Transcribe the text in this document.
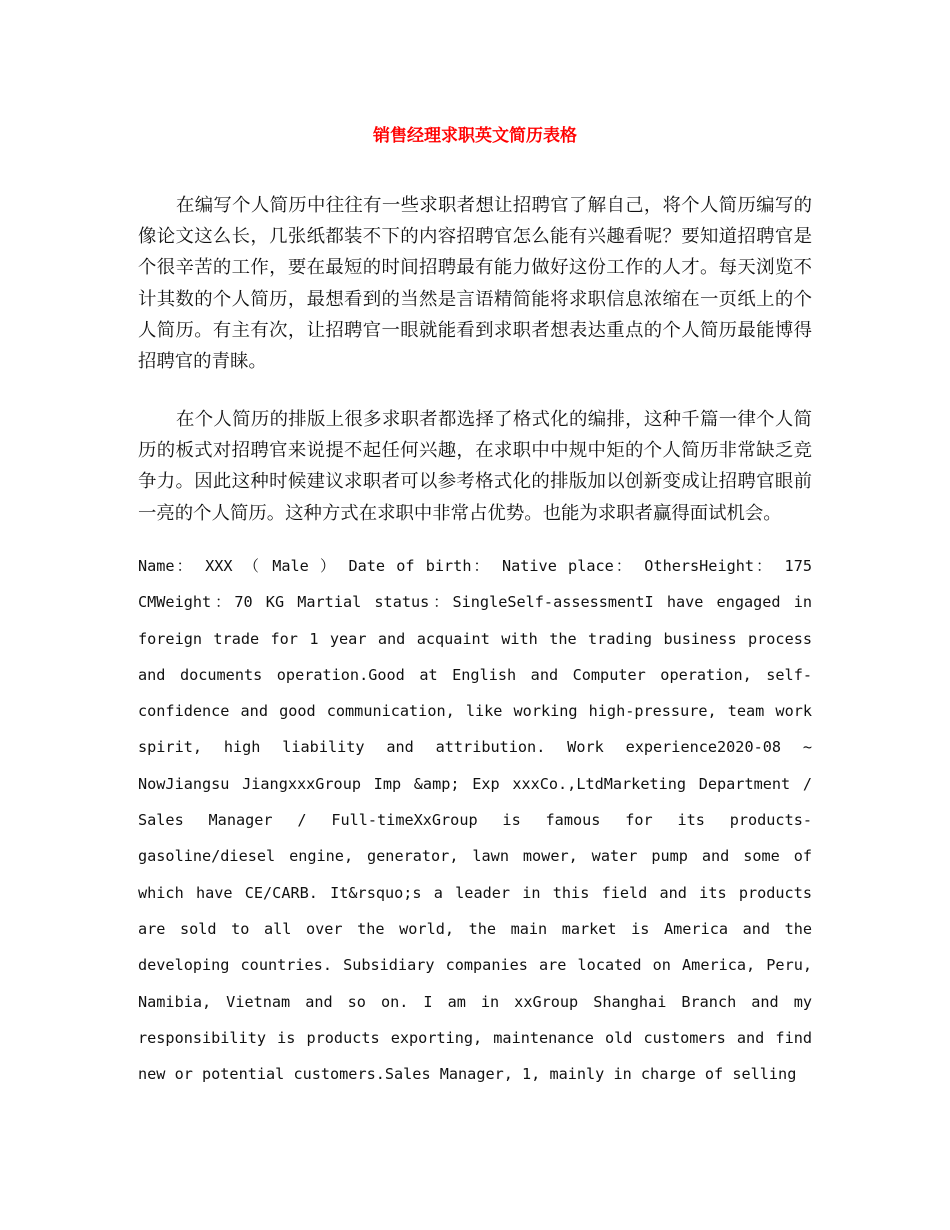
销售经理求职英文简历表格

在编写个人简历中往往有一些求职者想让招聘官了解自己，将个人简历编写的像论文这么长，几张纸都装不下的内容招聘官怎么能有兴趣看呢？要知道招聘官是个很辛苦的工作，要在最短的时间招聘最有能力做好这份工作的人才。每天浏览不计其数的个人简历，最想看到的当然是言语精简能将求职信息浓缩在一页纸上的个人简历。有主有次，让招聘官一眼就能看到求职者想表达重点的个人简历最能博得招聘官的青睐。

在个人简历的排版上很多求职者都选择了格式化的编排，这种千篇一律个人简历的板式对招聘官来说提不起任何兴趣，在求职中中规中矩的个人简历非常缺乏竞争力。因此这种时候建议求职者可以参考格式化的排版加以创新变成让招聘官眼前一亮的个人简历。这种方式在求职中非常占优势。也能为求职者赢得面试机会。

Name： XXX （ Male ） Date of birth： Native place： OthersHeight： 175 CMWeight：70 KG Martial status：SingleSelf-assessmentI have engaged in foreign trade for 1 year and acquaint with the trading business process and documents operation.Good at English and Computer operation, self-confidence and good communication, like working high-pressure, team work spirit, high liability and attribution. Work experience2020-08 ~ NowJiangsu JiangxxxGroup Imp &amp; Exp xxxCo.,LtdMarketing Department / Sales Manager / Full-timeXxGroup is famous for its products-gasoline/diesel engine, generator, lawn mower, water pump and some of which have CE/CARB. It&rsquo;s a leader in this field and its products are sold to all over the world, the main market is America and the developing countries. Subsidiary companies are located on America, Peru, Namibia, Vietnam and so on. I am in xxGroup Shanghai Branch and my responsibility is products exporting, maintenance old customers and find new or potential customers.Sales Manager, 1, mainly in charge of selling
